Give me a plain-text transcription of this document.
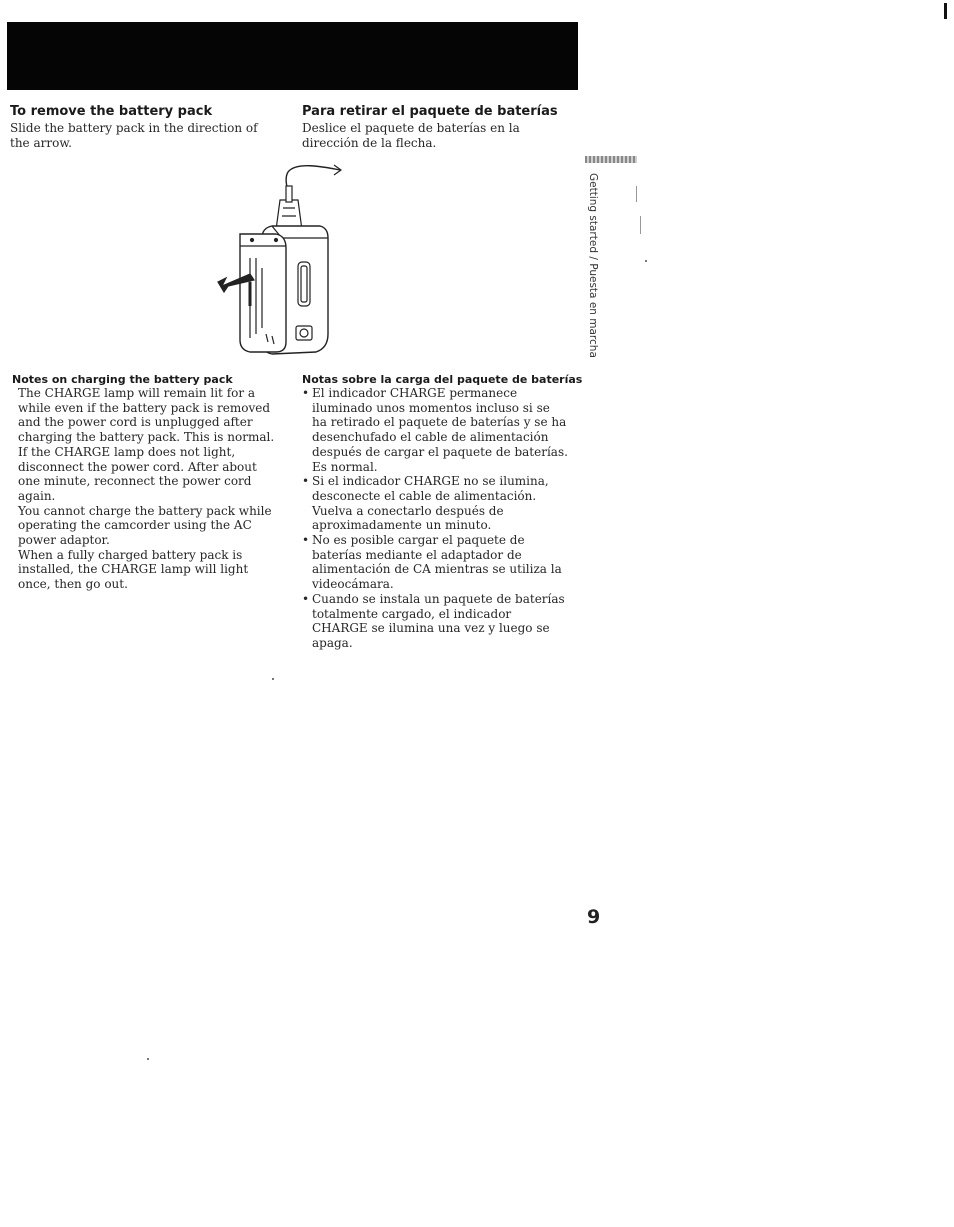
To remove the battery pack

Slide the battery pack in the direction of the arrow.

Para retirar el paquete de baterías

Deslice el paquete de baterías en la dirección de la flecha.

Notes on charging the battery pack

The CHARGE lamp will remain lit for a while even if the battery pack is removed and the power cord is unplugged after charging the battery pack. This is normal.

If the CHARGE lamp does not light, disconnect the power cord. After about one minute, reconnect the power cord again.

You cannot charge the battery pack while operating the camcorder using the AC power adaptor.

When a fully charged battery pack is installed, the CHARGE lamp will light once, then go out.

Notas sobre la carga del paquete de baterías
• El indicador CHARGE permanece iluminado unos momentos incluso si se ha retirado el paquete de baterías y se ha desenchufado el cable de alimentación después de cargar el paquete de baterías. Es normal.
• Si el indicador CHARGE no se ilumina, desconecte el cable de alimentación. Vuelva a conectarlo después de aproximadamente un minuto.
• No es posible cargar el paquete de baterías mediante el adaptador de alimentación de CA mientras se utiliza la videocámara.
• Cuando se instala un paquete de baterías totalmente cargado, el indicador CHARGE se ilumina una vez y luego se apaga.
Getting started / Puesta en marcha
9
